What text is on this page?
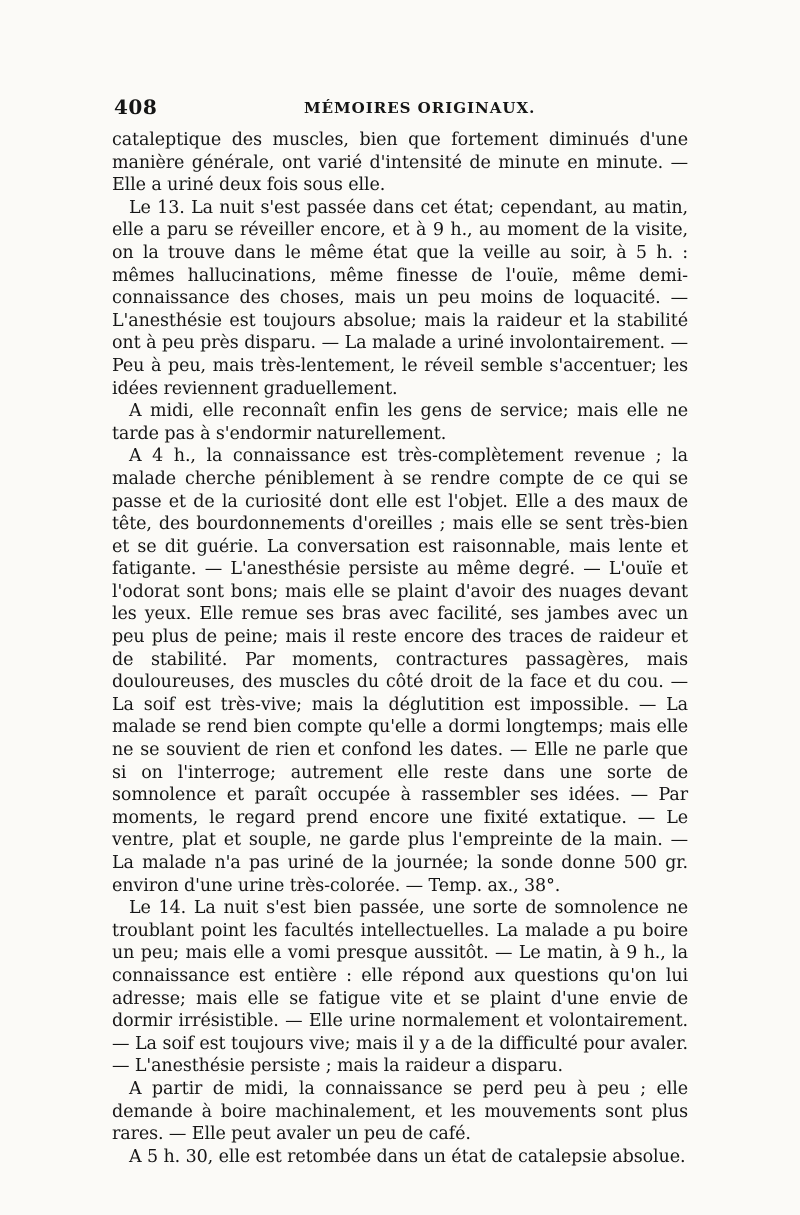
408	MÉMOIRES ORIGINAUX.

cataleptique des muscles, bien que fortement diminués d'une manière générale, ont varié d'intensité de minute en minute. — Elle a uriné deux fois sous elle.

Le 13. La nuit s'est passée dans cet état; cependant, au matin, elle a paru se réveiller encore, et à 9 h., au moment de la visite, on la trouve dans le même état que la veille au soir, à 5 h. : mêmes hallucinations, même finesse de l'ouïe, même demi-connaissance des choses, mais un peu moins de loquacité. — L'anesthésie est toujours absolue; mais la raideur et la stabilité ont à peu près disparu. — La malade a uriné involontairement. — Peu à peu, mais très-lentement, le réveil semble s'accentuer; les idées reviennent graduellement.

A midi, elle reconnaît enfin les gens de service; mais elle ne tarde pas à s'endormir naturellement.

A 4 h., la connaissance est très-complètement revenue ; la malade cherche péniblement à se rendre compte de ce qui se passe et de la curiosité dont elle est l'objet. Elle a des maux de tête, des bourdonnements d'oreilles ; mais elle se sent très-bien et se dit guérie. La conversation est raisonnable, mais lente et fatigante. — L'anesthésie persiste au même degré. — L'ouïe et l'odorat sont bons; mais elle se plaint d'avoir des nuages devant les yeux. Elle remue ses bras avec facilité, ses jambes avec un peu plus de peine; mais il reste encore des traces de raideur et de stabilité. Par moments, contractures passagères, mais douloureuses, des muscles du côté droit de la face et du cou. — La soif est très-vive; mais la déglutition est impossible. — La malade se rend bien compte qu'elle a dormi longtemps; mais elle ne se souvient de rien et confond les dates. — Elle ne parle que si on l'interroge; autrement elle reste dans une sorte de somnolence et paraît occupée à rassembler ses idées. — Par moments, le regard prend encore une fixité extatique. — Le ventre, plat et souple, ne garde plus l'empreinte de la main. — La malade n'a pas uriné de la journée; la sonde donne 500 gr. environ d'une urine très-colorée. — Temp. ax., 38°.

Le 14. La nuit s'est bien passée, une sorte de somnolence ne troublant point les facultés intellectuelles. La malade a pu boire un peu; mais elle a vomi presque aussitôt. — Le matin, à 9 h., la connaissance est entière : elle répond aux questions qu'on lui adresse; mais elle se fatigue vite et se plaint d'une envie de dormir irrésistible. — Elle urine normalement et volontairement. — La soif est toujours vive; mais il y a de la difficulté pour avaler. — L'anesthésie persiste ; mais la raideur a disparu.

A partir de midi, la connaissance se perd peu à peu ; elle demande à boire machinalement, et les mouvements sont plus rares. — Elle peut avaler un peu de café.

A 5 h. 30, elle est retombée dans un état de catalepsie absolue.
